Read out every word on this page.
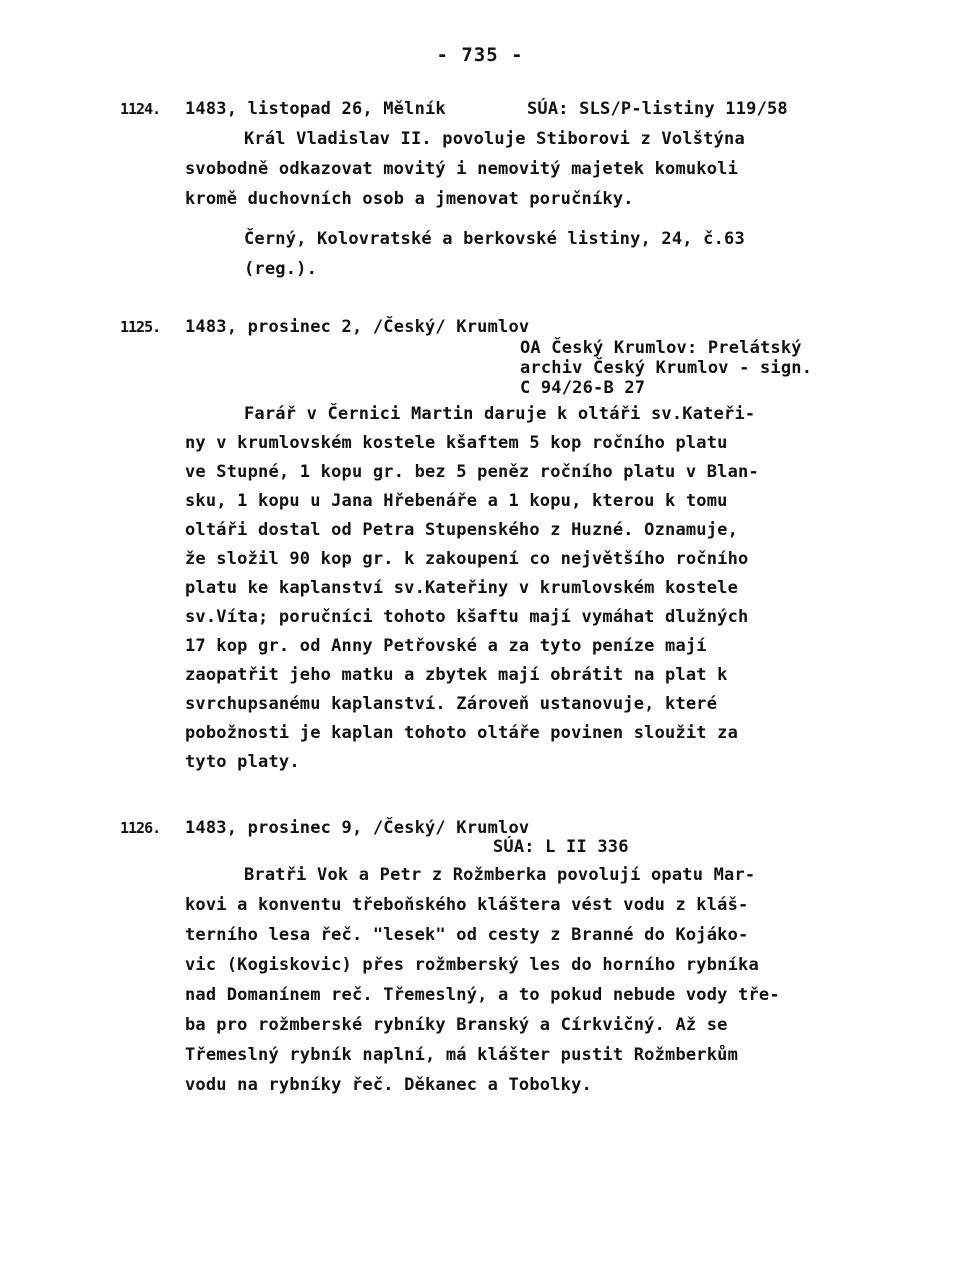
- 735 -
1124. 1483, listopad 26, Mělník	SÚA: SLS/P-listiny 119/58
Král Vladislav II. povoluje Stiborovi z Volštýna
svobodně odkazovat movitý i nemovitý majetek komukoli
kromě duchovních osob a jmenovat poručníky.
Černý, Kolovratské a berkovské listiny, 24, č.63
(reg.).
1125. 1483, prosinec 2, /Český/ Krumlov
OA Český Krumlov: Prelátský
archiv Český Krumlov - sign.
C 94/26-B 27
Farář v Černici Martin daruje k oltáři sv.Kateři-
ny v krumlovském kostele kšaftem 5 kop ročního platu
ve Stupné, 1 kopu gr. bez 5 peněz ročního platu v Blan-
sku, 1 kopu u Jana Hřebenáře a 1 kopu, kterou k tomu
oltáři dostal od Petra Stupenského z Huzné. Oznamuje,
že složil 90 kop gr. k zakoupení co největšího ročního
platu ke kaplanství sv.Kateřiny v krumlovském kostele
sv.Víta; poručníci tohoto kšaftu mají vymáhat dlužných
17 kop gr. od Anny Petřovské a za tyto peníze mají
zaopatřit jeho matku a zbytek mají obrátit na plat k
svrchupsanému kaplanství. Zároveň ustanovuje, které
pobožnosti je kaplan tohoto oltáře povinen sloužit za
tyto platy.
1126. 1483, prosinec 9, /Český/ Krumlov
SÚA: L II 336
Bratři Vok a Petr z Rožmberka povolují opatu Mar-
kovi a konventu třeboňského kláštera vést vodu z kláš-
terního lesa řeč. "lesek" od cesty z Branné do Kojáko-
vic (Kogiskovic) přes rožmberský les do horního rybníka
nad Domanínem reč. Třemeslný, a to pokud nebude vody tře-
ba pro rožmberské rybníky Branský a Církvičný. Až se
Třemeslný rybník naplní, má klášter pustit Rožmberkům
vodu na rybníky řeč. Děkanec a Tobolky.
